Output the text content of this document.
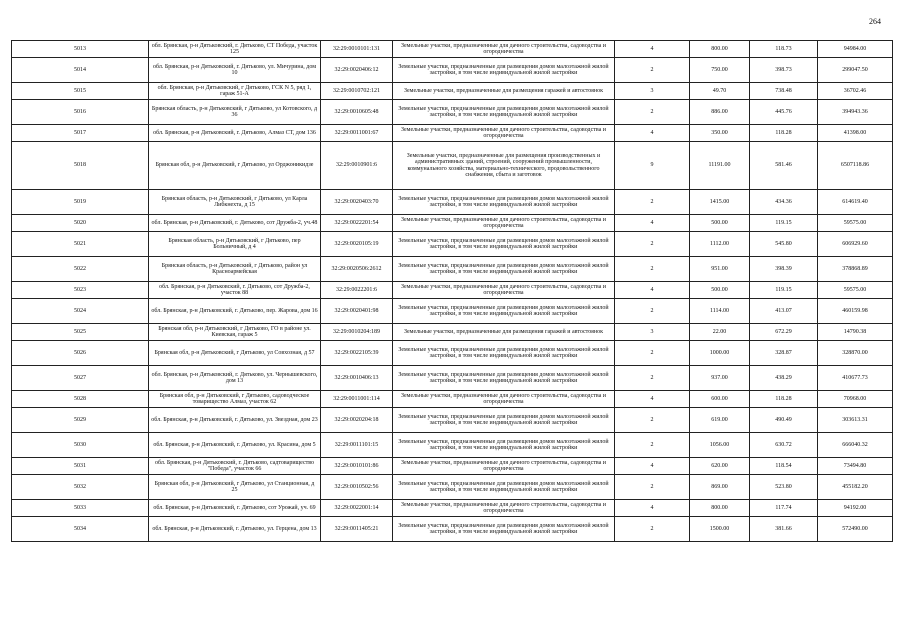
264
5013	обл. Брянская, р-н Дятьковский, г. Дятьково, СТ Победа, участок 125	32:29:0010101:131	Земельные участки, предназначенные для дачного строительства, садоводства и огородничества	4	800.00	118.73	94984.00
5014	обл. Брянская, р-н Дятьковский, г. Дятьково, ул. Мичурина, дом 10	32:29:0020406:12	Земельные участки, предназначенные для размещения домов малоэтажной жилой застройки, в том числе индивидуальной жилой застройки	2	750.00	398.73	299047.50
5015	обл. Брянская, р-н Дятьковский, г Дятьково, ГСК N 5, ряд 1, гараж 51-А	32:29:0010702:121	Земельные участки, предназначенные для размещения гаражей и автостоянок	3	49.70	738.48	36702.46
5016	Брянская область, р-н Дятьковский, г Дятьково, ул Котовского, д 36	32:29:0010605:48	Земельные участки, предназначенные для размещения домов малоэтажной жилой застройки, в том числе индивидуальной жилой застройки	2	886.00	445.76	394943.36
5017	обл. Брянская, р-н Дятьковский, г. Дятьково, Алмаз СТ, дом 136	32:29:0011001:67	Земельные участки, предназначенные для дачного строительства, садоводства и огородничества	4	350.00	118.28	41398.00
5018	Брянская обл, р-н Дятьковский, г Дятьково, ул Орджоникидзе	32:29:0010901:6	Земельные участки, предназначенные для размещения производственных и административных зданий, строений, сооружений промышленности, коммунального хозяйства, материально-технического, продовольственного снабжения, сбыта и заготовок	9	11191.00	581.46	6507118.86
5019	Брянская область, р-н Дятьковский, г Дятьково, ул Карла Либкнехта, д 15	32:29:0020403:70	Земельные участки, предназначенные для размещения домов малоэтажной жилой застройки, в том числе индивидуальной жилой застройки	2	1415.00	434.36	614619.40
5020	обл. Брянская, р-н Дятьковский, г. Дятьково, сот Дружба-2, уч.48	32:29:0022201:54	Земельные участки, предназначенные для дачного строительства, садоводства и огородничества	4	500.00	119.15	59575.00
5021	Брянская область, р-н Дятьковский, г Дятьково, пер Больничный, д 4	32:29:0020105:19	Земельные участки, предназначенные для размещения домов малоэтажной жилой застройки, в том числе индивидуальной жилой застройки	2	1112.00	545.80	606929.60
5022	Брянская область, р-н Дятьковский, г Дятьково, район ул Красноармейская	32:29:0020506:2612	Земельные участки, предназначенные для размещения домов малоэтажной жилой застройки, в том числе индивидуальной жилой застройки	2	951.00	398.39	378868.89
5023	обл. Брянская, р-н Дятьковский, г. Дятьково, сот Дружба-2, участок 88	32:29:0022201:6	Земельные участки, предназначенные для дачного строительства, садоводства и огородничества	4	500.00	119.15	59575.00
5024	обл. Брянская, р-н Дятьковский, г. Дятьково, пер. Жарова, дом 16	32:29:0020401:98	Земельные участки, предназначенные для размещения домов малоэтажной жилой застройки, в том числе индивидуальной жилой застройки	2	1114.00	413.07	460159.98
5025	Брянская обл, р-н Дятьковский, г Дятьково, ГО в районе ул. Киевская, гараж 5	32:29:0010204:189	Земельные участки, предназначенные для размещения гаражей и автостоянок	3	22.00	672.29	14790.38
5026	Брянская обл, р-н Дятьковский, г Дятьково, ул Совхозная, д 57	32:29:0022105:39	Земельные участки, предназначенные для размещения домов малоэтажной жилой застройки, в том числе индивидуальной жилой застройки	2	1000.00	328.87	328870.00
5027	обл. Брянская, р-н Дятьковский, г. Дятьково, ул. Чернышевского, дом 13	32:29:0010406:13	Земельные участки, предназначенные для размещения домов малоэтажной жилой застройки, в том числе индивидуальной жилой застройки	2	937.00	438.29	410677.73
5028	Брянская обл, р-н Дятьковский, г Дятьково, садоводческое товарищество Алмаз, участок 62	32:29:0011001:114	Земельные участки, предназначенные для дачного строительства, садоводства и огородничества	4	600.00	118.28	70968.00
5029	обл. Брянская, р-н Дятьковский, г. Дятьково, ул. Звездная, дом 23	32:29:0020204:18	Земельные участки, предназначенные для размещения домов малоэтажной жилой застройки, в том числе индивидуальной жилой застройки	2	619.00	490.49	303613.31
5030	обл. Брянская, р-н Дятьковский, г. Дятьково, ул. Красина, дом 5	32:29:0011101:15	Земельные участки, предназначенные для размещения домов малоэтажной жилой застройки, в том числе индивидуальной жилой застройки	2	1056.00	630.72	666040.32
5031	обл. Брянская, р-н Дятьковский, г. Дятьково, садтоварищество "Победа", участок 66	32:29:0010101:86	Земельные участки, предназначенные для дачного строительства, садоводства и огородничества	4	620.00	118.54	73494.80
5032	Брянская обл, р-н Дятьковский, г Дятьково, ул Станционная, д 25	32:29:0010502:56	Земельные участки, предназначенные для размещения домов малоэтажной жилой застройки, в том числе индивидуальной жилой застройки	2	869.00	523.80	455182.20
5033	обл. Брянская, р-н Дятьковский, г. Дятьково, сот Урожай, уч. 69	32:29:0022001:14	Земельные участки, предназначенные для дачного строительства, садоводства и огородничества	4	800.00	117.74	94192.00
5034	обл. Брянская, р-н Дятьковский, г. Дятьково, ул. Герцена, дом 13	32:29:0011405:21	Земельные участки, предназначенные для размещения домов малоэтажной жилой застройки, в том числе индивидуальной жилой застройки	2	1500.00	381.66	572490.00
